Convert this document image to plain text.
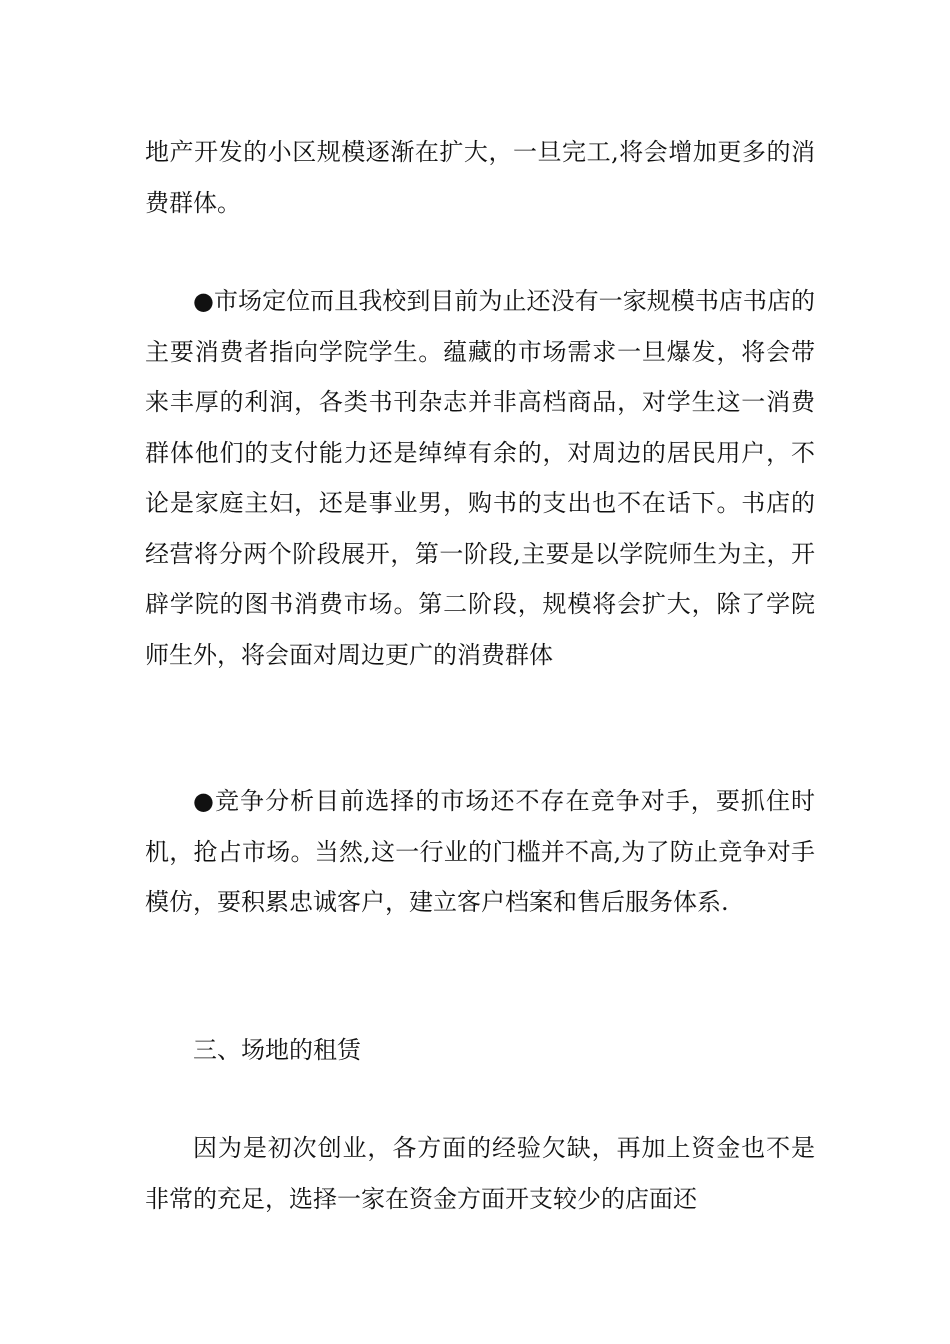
地产开发的小区规模逐渐在扩大，一旦完工,将会增加更多的消费群体。

●市场定位而且我校到目前为止还没有一家规模书店书店的主要消费者指向学院学生。蕴藏的市场需求一旦爆发，将会带来丰厚的利润，各类书刊杂志并非高档商品，对学生这一消费群体他们的支付能力还是绰绰有余的，对周边的居民用户，不论是家庭主妇，还是事业男，购书的支出也不在话下。书店的经营将分两个阶段展开，第一阶段,主要是以学院师生为主，开辟学院的图书消费市场。第二阶段，规模将会扩大，除了学院师生外，将会面对周边更广的消费群体

●竞争分析目前选择的市场还不存在竞争对手，要抓住时机，抢占市场。当然,这一行业的门槛并不高,为了防止竞争对手模仿，要积累忠诚客户，建立客户档案和售后服务体系.

三、场地的租赁

因为是初次创业，各方面的经验欠缺，再加上资金也不是非常的充足，选择一家在资金方面开支较少的店面还
